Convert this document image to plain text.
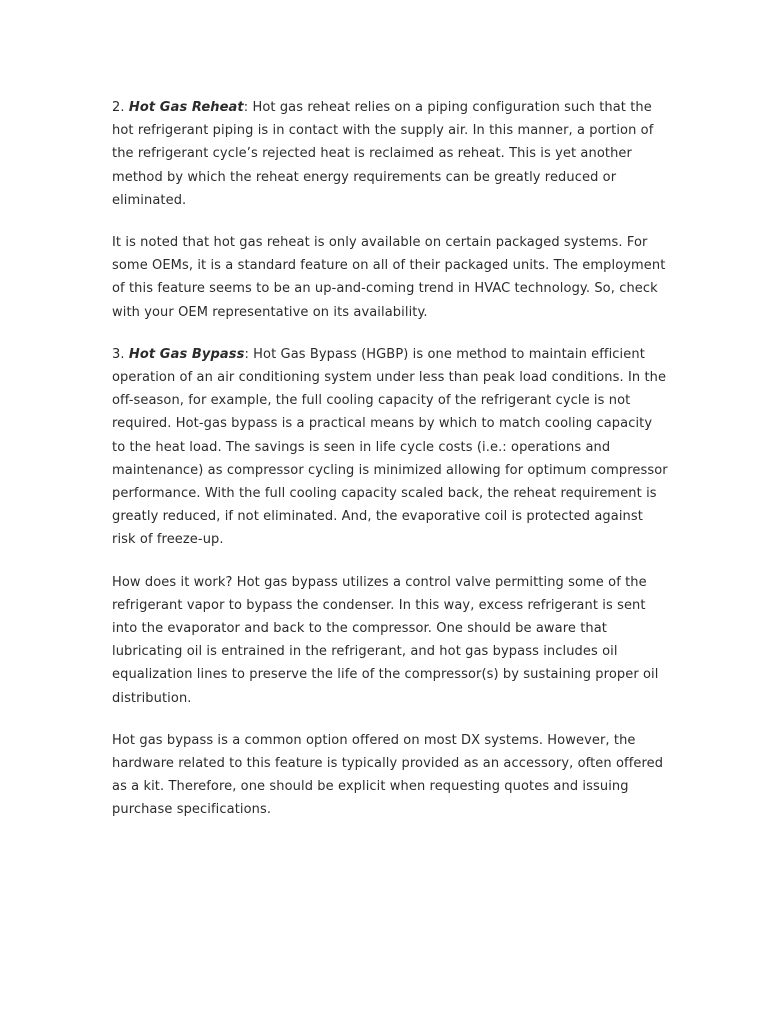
2. Hot Gas Reheat: Hot gas reheat relies on a piping configuration such that the hot refrigerant piping is in contact with the supply air. In this manner, a portion of the refrigerant cycle’s rejected heat is reclaimed as reheat. This is yet another method by which the reheat energy requirements can be greatly reduced or eliminated.

It is noted that hot gas reheat is only available on certain packaged systems. For some OEMs, it is a standard feature on all of their packaged units. The employment of this feature seems to be an up-and-coming trend in HVAC technology. So, check with your OEM representative on its availability.

3. Hot Gas Bypass: Hot Gas Bypass (HGBP) is one method to maintain efficient operation of an air conditioning system under less than peak load conditions. In the off-season, for example, the full cooling capacity of the refrigerant cycle is not required. Hot-gas bypass is a practical means by which to match cooling capacity to the heat load. The savings is seen in life cycle costs (i.e.: operations and maintenance) as compressor cycling is minimized allowing for optimum compressor performance. With the full cooling capacity scaled back, the reheat requirement is greatly reduced, if not eliminated. And, the evaporative coil is protected against risk of freeze-up.

How does it work? Hot gas bypass utilizes a control valve permitting some of the refrigerant vapor to bypass the condenser. In this way, excess refrigerant is sent into the evaporator and back to the compressor. One should be aware that lubricating oil is entrained in the refrigerant, and hot gas bypass includes oil equalization lines to preserve the life of the compressor(s) by sustaining proper oil distribution.

Hot gas bypass is a common option offered on most DX systems. However, the hardware related to this feature is typically provided as an accessory, often offered as a kit. Therefore, one should be explicit when requesting quotes and issuing purchase specifications.
